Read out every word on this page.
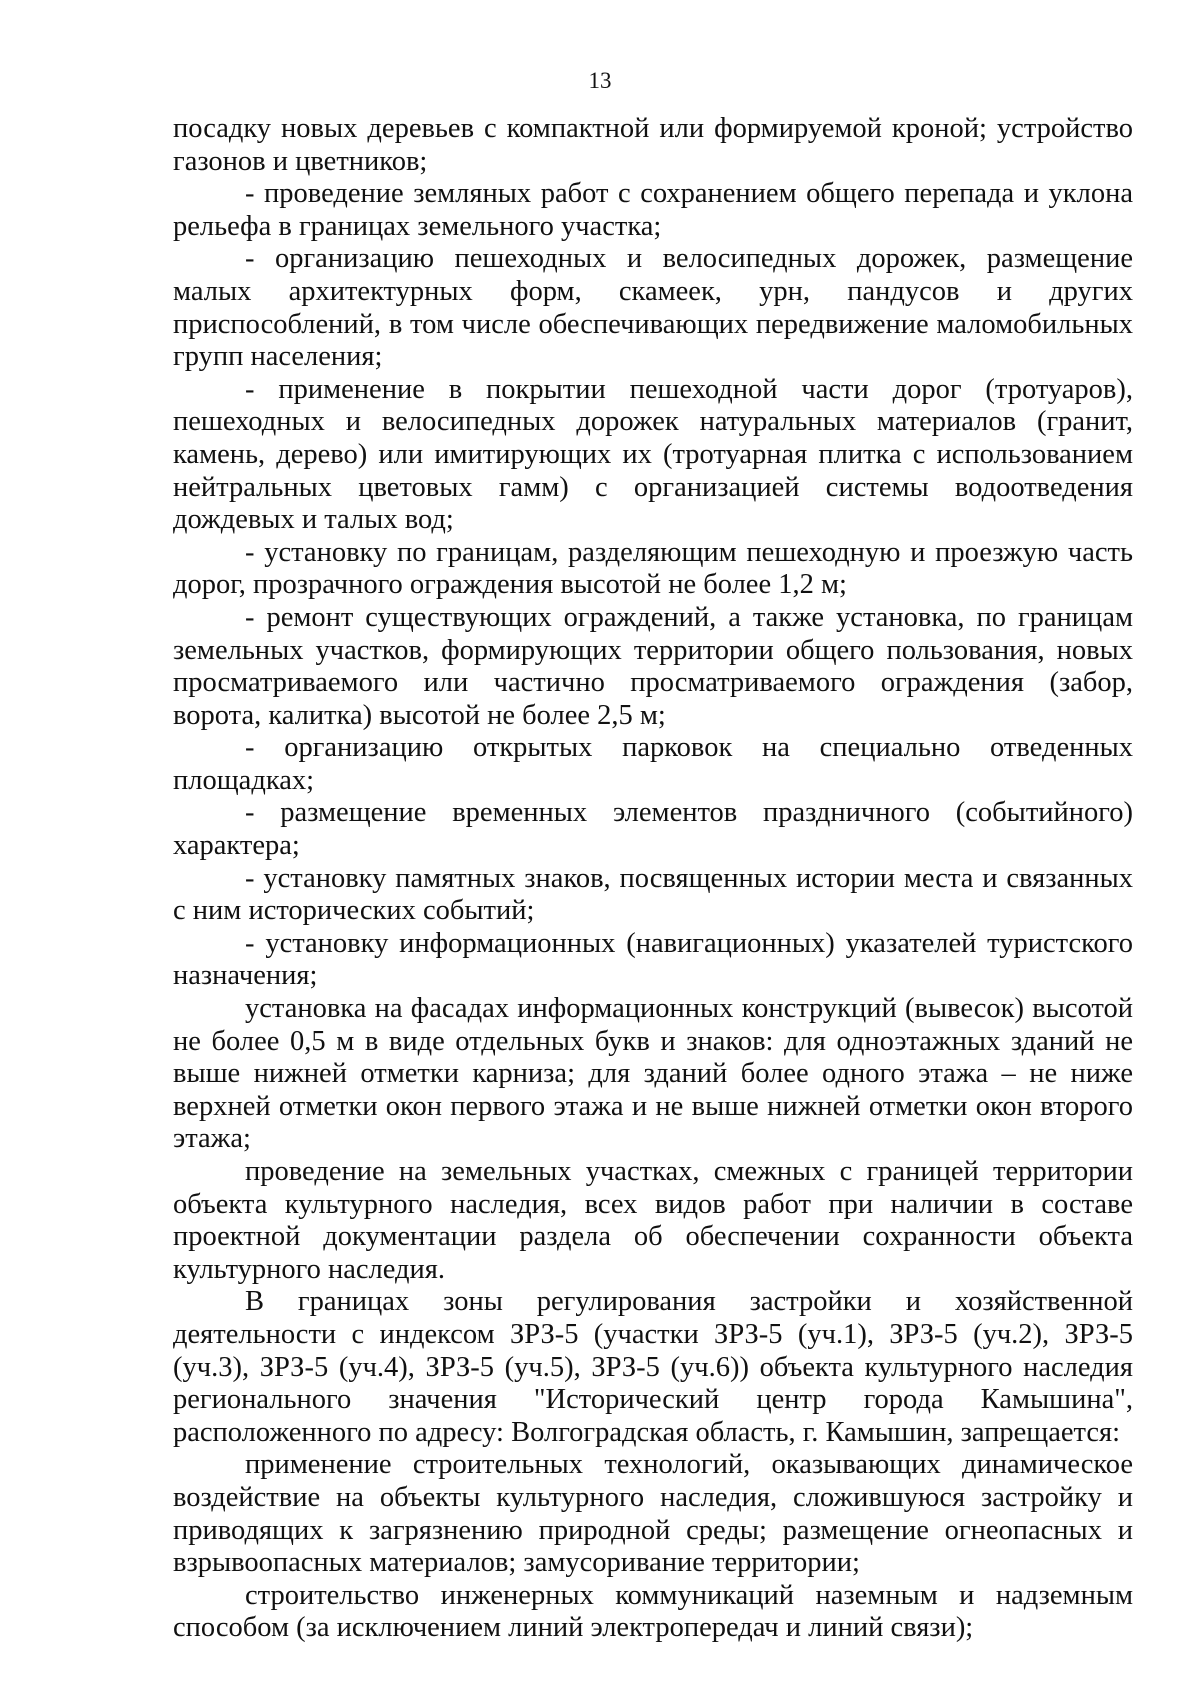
13

посадку новых деревьев с компактной или формируемой кроной; устройство газонов и цветников;

- проведение земляных работ с сохранением общего перепада и уклона рельефа в границах земельного участка;

- организацию пешеходных и велосипедных дорожек, размещение малых архитектурных форм, скамеек, урн, пандусов и других приспособлений, в том числе обеспечивающих передвижение маломобильных групп населения;

- применение в покрытии пешеходной части дорог (тротуаров), пешеходных и велосипедных дорожек натуральных материалов (гранит, камень, дерево) или имитирующих их (тротуарная плитка с использованием нейтральных цветовых гамм) с организацией системы водоотведения дождевых и талых вод;

- установку по границам, разделяющим пешеходную и проезжую часть дорог, прозрачного ограждения высотой не более 1,2 м;

- ремонт существующих ограждений, а также установка, по границам земельных участков, формирующих территории общего пользования, новых просматриваемого или частично просматриваемого ограждения (забор, ворота, калитка) высотой не более 2,5 м;

- организацию открытых парковок на специально отведенных площадках;

- размещение временных элементов праздничного (событийного) характера;

- установку памятных знаков, посвященных истории места и связанных с ним исторических событий;

- установку информационных (навигационных) указателей туристского назначения;

установка на фасадах информационных конструкций (вывесок) высотой не более 0,5 м в виде отдельных букв и знаков: для одноэтажных зданий не выше нижней отметки карниза; для зданий более одного этажа – не ниже верхней отметки окон первого этажа и не выше нижней отметки окон второго этажа;

проведение на земельных участках, смежных с границей территории объекта культурного наследия, всех видов работ при наличии в составе проектной документации раздела об обеспечении сохранности объекта культурного наследия.

В границах зоны регулирования застройки и хозяйственной деятельности с индексом ЗРЗ-5 (участки ЗРЗ-5 (уч.1), ЗРЗ-5 (уч.2), ЗРЗ-5 (уч.3), ЗРЗ-5 (уч.4), ЗРЗ-5 (уч.5), ЗРЗ-5 (уч.6)) объекта культурного наследия регионального значения "Исторический центр города Камышина", расположенного по адресу: Волгоградская область, г. Камышин, запрещается:

применение строительных технологий, оказывающих динамическое воздействие на объекты культурного наследия, сложившуюся застройку и приводящих к загрязнению природной среды; размещение огнеопасных и взрывоопасных материалов; замусоривание территории;

строительство инженерных коммуникаций наземным и надземным способом (за исключением линий электропередач и линий связи);
